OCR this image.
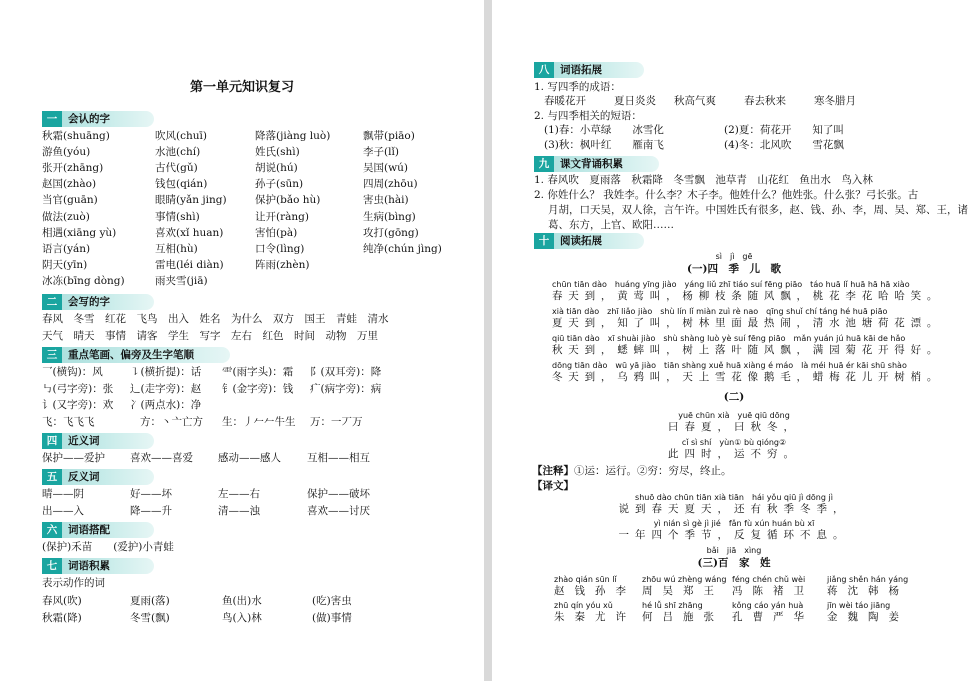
第一单元知识复习
一	会认的字
秋霜(shuāng)	吹风(chuī)	降落(jiàng luò)	飘带(piāo)
游鱼(yóu)	水池(chí)	姓氏(shì)	李子(lǐ)
张开(zhāng)	古代(gǔ)	胡说(hú)	吴国(wú)
赵国(zhào)	钱包(qián)	孙子(sūn)	四周(zhōu)
当官(guān)	眼睛(yǎn jing)	保护(bǎo hù)	害虫(hài)
做法(zuò)	事情(shì)	让开(ràng)	生病(bìng)
相遇(xiāng yù)	喜欢(xǐ huan)	害怕(pà)	攻打(gōng)
语言(yán)	互相(hù)	口令(lìng)	纯净(chún jìng)
阴天(yīn)	雷电(léi diàn)	阵雨(zhèn)
冰冻(bīng dòng)	雨夹雪(jiā)
二	会写的字
春风　冬雪　红花　飞鸟　出入　姓名　为什么　双方　国王　青蛙　清水
天气　晴天　事情　请客　学生　写字　左右　红色　时间　动物　万里
三	重点笔画、偏旁及生字笔顺
乛(横钩)：风	㇊(横折提)：话 ⻗(雨字头)：霜 阝(双耳旁)：降
㇉(弓字旁)：张 辶(走字旁)：赵 钅(金字旁)：钱 疒(病字旁)：病
讠(又字旁)：欢 冫(两点水)：净
飞：飞飞飞	方：丶亠亡方 生：丿𠂉𠂉牛生 万：一丆万
四	近义词
保护——爱护 喜欢——喜爱 感动——感人 互相——相互
五	反义词
晴——阴	好——坏	左——右	保护——破坏
出——入	降——升	清——浊	喜欢——讨厌
六	词语搭配
(保护)禾苗　　(爱护)小青蛙
七	词语积累
表示动作的词
春风(吹)	夏雨(落)	鱼(出)水	(吃)害虫
秋霜(降)	冬雪(飘)	鸟(入)林	(做)事情
八	词语拓展
1. 写四季的成语：
春暖花开	夏日炎炎 秋高气爽	春去秋来	寒冬腊月
2. 与四季相关的短语：
(1)春：小草绿　　冰雪化	(2)夏：荷花开　　知了叫
(3)秋：枫叶红　　雁南飞	(4)冬：北风吹　　雪花飘
九	课文背诵积累
1. 春风吹　夏雨落　秋霜降　冬雪飘　池草青　山花红　鱼出水　鸟入林
2. 你姓什么？ 我姓李。什么李？木子李。他姓什么？他姓张。什么张？弓长张。古
月胡，口天吴，双人徐，言午许。中国姓氏有很多，赵、钱、孙、李，周、吴、郑、王，诸
葛、东方，上官、欧阳……
十	阅读拓展
sì　jì　gē
(一)四　季　儿　歌
chūn tiān dào　huáng yīng jiào　yáng liǔ zhī tiáo suí fēng piāo　táo huā lǐ huā hā hā xiào
春天到，黄莺叫，杨柳枝条随风飘，桃花李花哈哈笑。
xià tiān dào　zhī liǎo jiào　shù lín lǐ miàn zuì rè nao　qīng shuǐ chí táng hé huā piāo
夏天到，知了叫，树林里面最热闹，清水池塘荷花漂。
qiū tiān dào　xī shuài jiào　shù shàng luò yè suí fēng piāo　mǎn yuán jú huā kāi de hǎo
秋天到，蟋蟀叫，树上落叶随风飘，满园菊花开得好。
dōng tiān dào　wū yā jiào　tiān shàng xuě huā xiàng é máo　là méi huā ér kāi shū shào
冬天到，乌鸦叫，天上雪花像鹅毛，蜡梅花儿开树梢。
(二)
yuē chūn xià　yuē qiū dōng
曰春夏，曰秋冬，
cǐ sì shí　yùn① bù qióng②
此四时，运不穷。
【注释】①运：运行。②穷：穷尽，终止。
【译文】
shuō dào chūn tiān xià tiān　hái yǒu qiū jì dōng jì
说到春天夏天，还有秋季冬季，
yì nián sì gè jì jié　fǎn fù xún huán bù xī
一年四个季节，反复循环不息。
bǎi　jiā　xìng
(三)百　家　姓
zhào qián sūn lǐ
赵钱孙李
zhōu wú zhèng wáng
周吴郑王
féng chén chǔ wèi
冯陈褚卫
jiǎng shěn hán yáng
蒋沈韩杨
zhū qín yóu xǔ
朱秦尤许
hé lǚ shī zhāng
何吕施张
kǒng cáo yán huà
孔曹严华
jīn wèi táo jiāng
金魏陶姜
